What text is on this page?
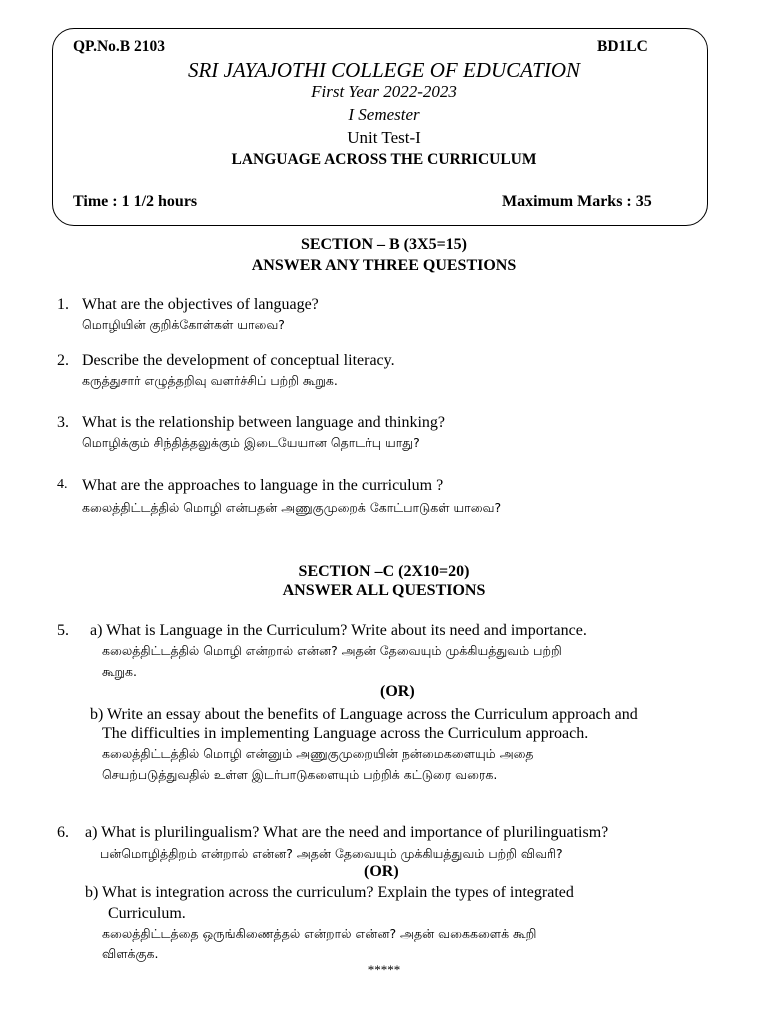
QP.No.B 2103	BD1LC
SRI JAYAJOTHI COLLEGE OF EDUCATION
First Year 2022-2023
I Semester
Unit Test-I
LANGUAGE ACROSS THE CURRICULUM
Time : 1 1/2 hours	Maximum Marks : 35
SECTION – B (3X5=15)
ANSWER ANY THREE QUESTIONS
1. What are the objectives of language?
மொழியின் குறிக்கோள்கள் யாவை?
2. Describe the development of conceptual literacy.
கருத்துசார் எழுத்தறிவு வளர்ச்சிப் பற்றி கூறுக.
3. What is the relationship between language and thinking?
மொழிக்கும் சிந்தித்தலுக்கும் இடையேயான தொடர்பு யாது?
4. What are the approaches to language in the curriculum ?
கலைத்திட்டத்தில் மொழி என்பதன் அணுகுமுறைக் கோட்பாடுகள் யாவை?
SECTION –C (2X10=20)
ANSWER ALL QUESTIONS
5. a) What is Language in the Curriculum? Write about its need and importance.
கலைத்திட்டத்தில் மொழி என்றால் என்ன? அதன் தேவையும் முக்கியத்துவம் பற்றி
கூறுக.
(OR)
b) Write an essay about the benefits of Language across the Curriculum approach and
The difficulties in implementing Language across the Curriculum approach.
கலைத்திட்டத்தில் மொழி என்னும் அணுகுமுறையின் நன்மைகளையும் அதை
செயற்படுத்துவதில் உள்ள இடர்பாடுகளையும் பற்றிக் கட்டுரை வரைக.
6. a) What is plurilingualism? What are the need and importance of plurilinguatism?
பன்மொழித்திறம் என்றால் என்ன? அதன் தேவையும் முக்கியத்துவம் பற்றி விவரி?
(OR)
b) What is integration across the curriculum? Explain the types of integrated
Curriculum.
கலைத்திட்டத்தை ஒருங்கிணைத்தல் என்றால் என்ன? அதன் வகைகளைக் கூறி
விளக்குக.
*****
